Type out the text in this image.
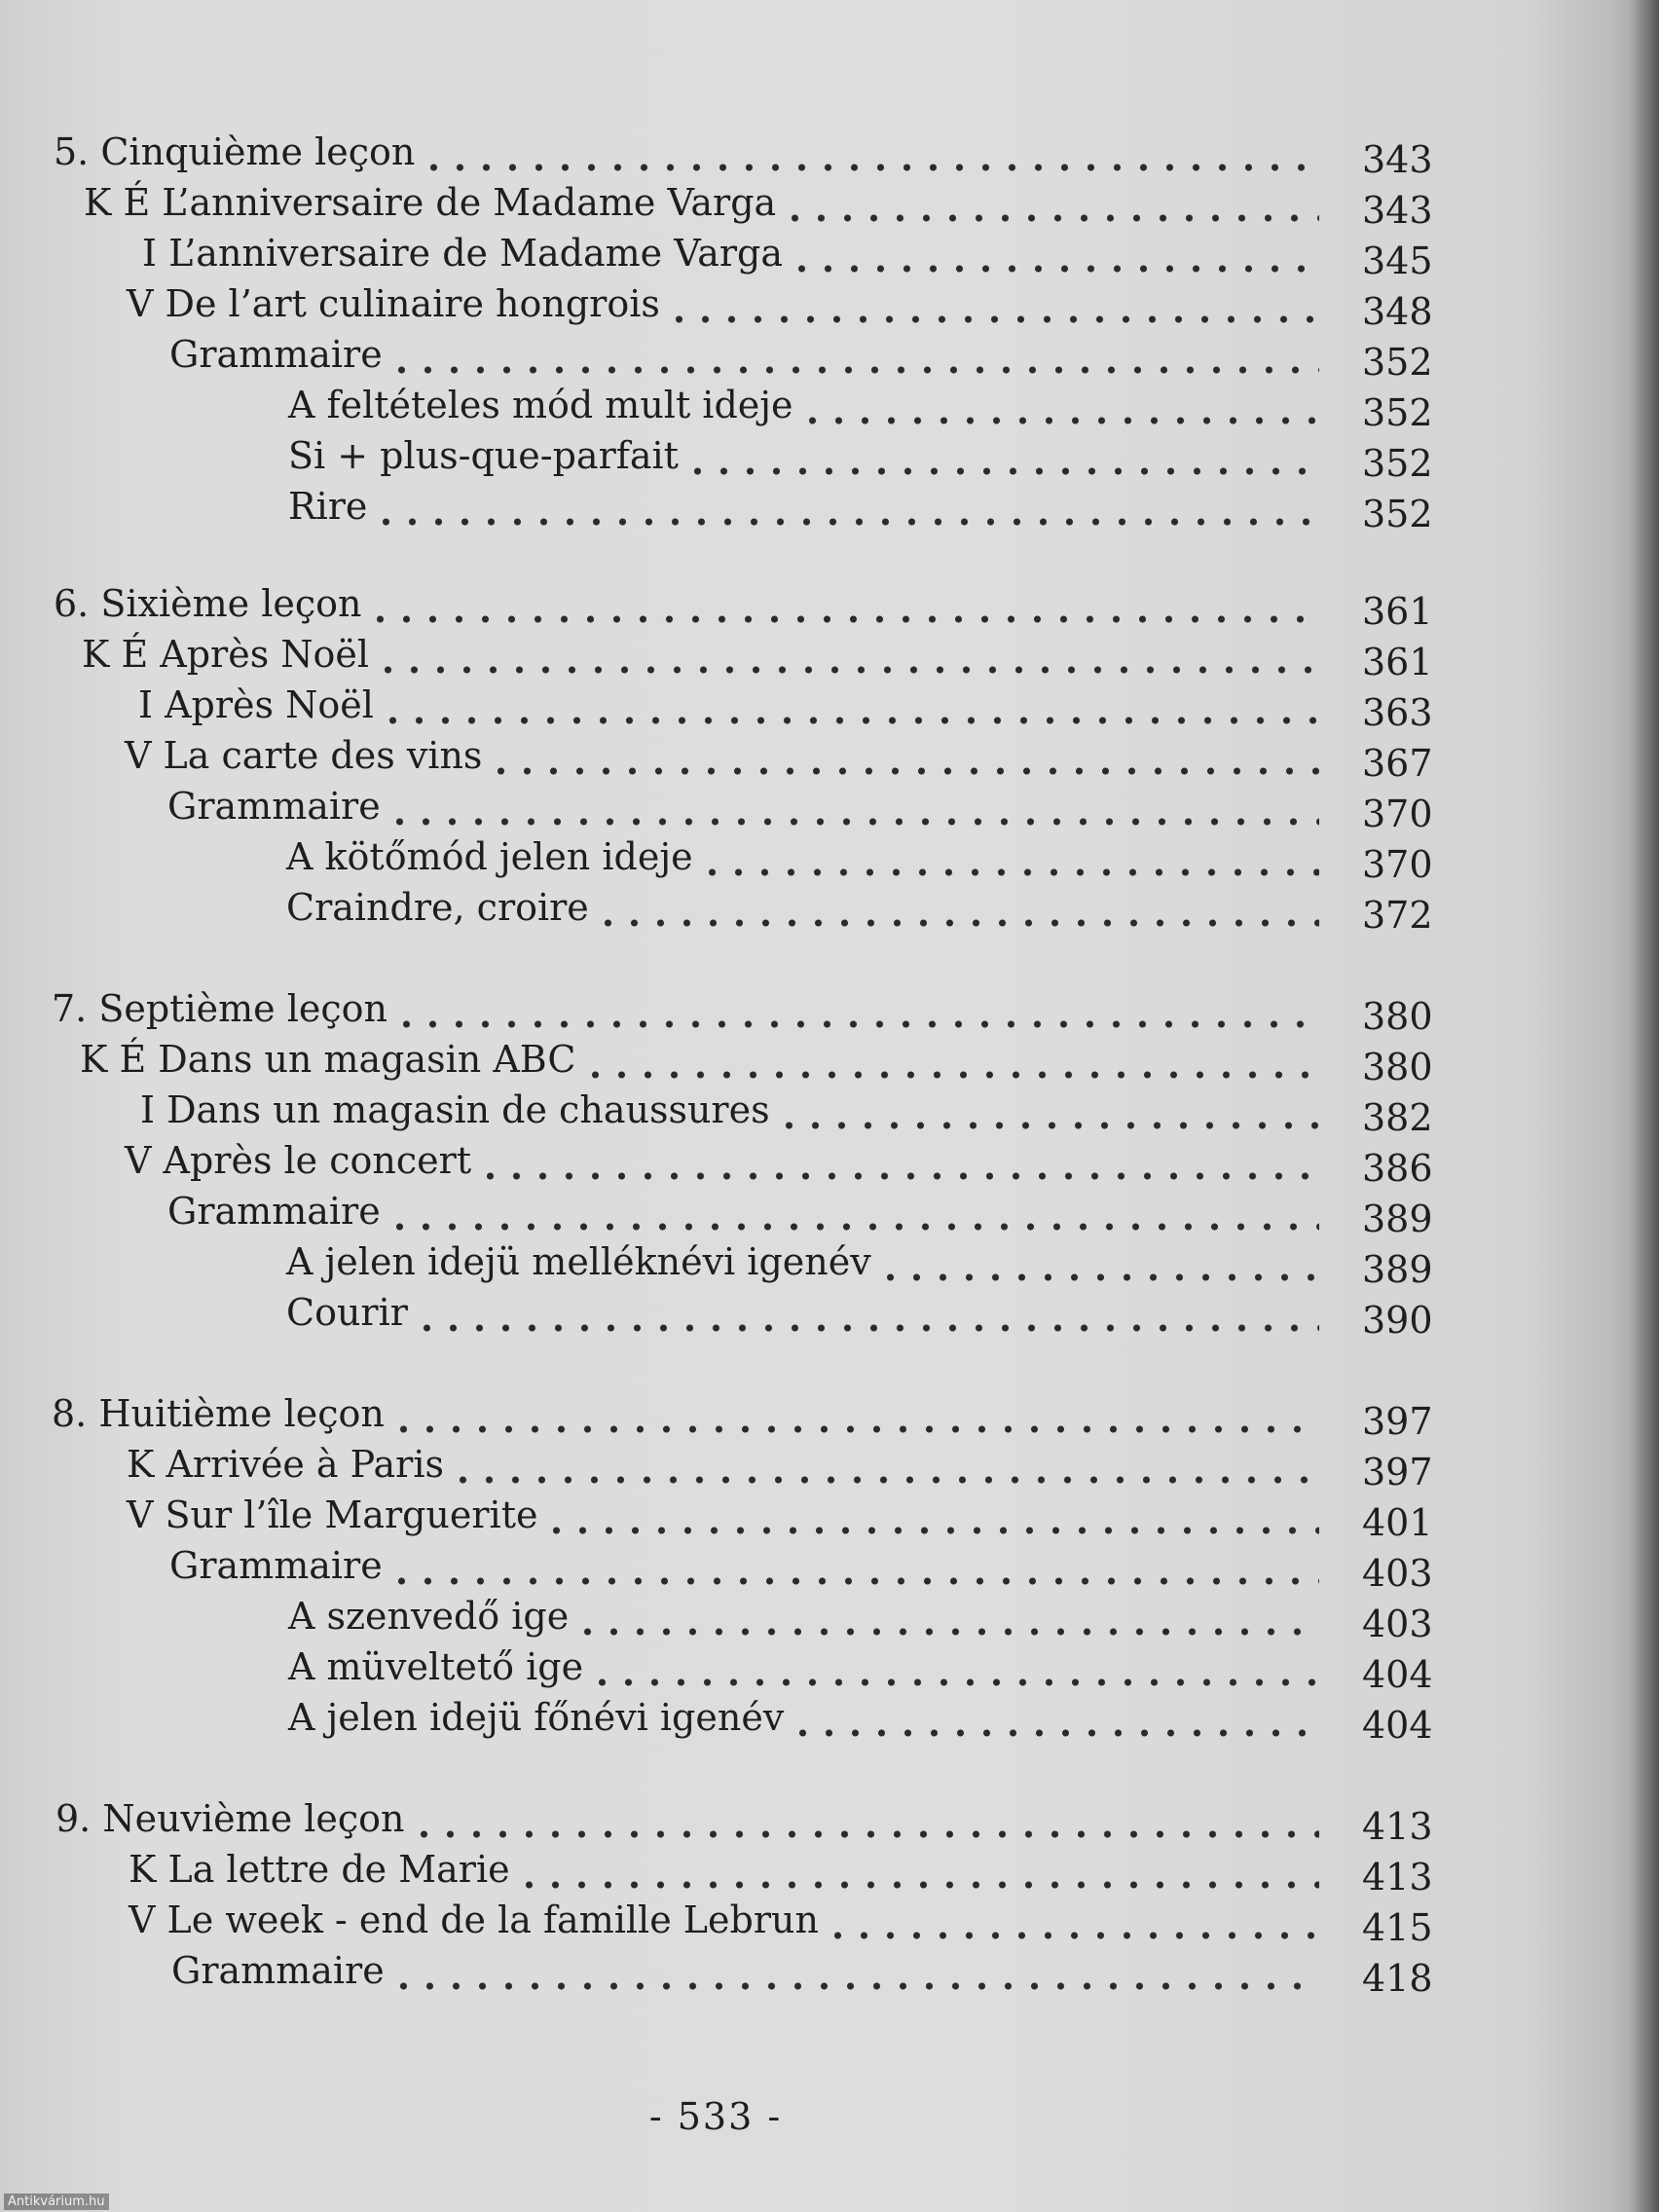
5. Cinquième leçon	343
K É L’anniversaire de Madame Varga	343
I L’anniversaire de Madame Varga	345
V De l’art culinaire hongrois	348
Grammaire	352
A feltételes mód mult ideje	352
Si + plus-que-parfait	352
Rire	352
6. Sixième leçon	361
K É Après Noël	361
I Après Noël	363
V La carte des vins	367
Grammaire	370
A kötőmód jelen ideje	370
Craindre, croire	372
7. Septième leçon	380
K É Dans un magasin ABC	380
I Dans un magasin de chaussures	382
V Après le concert	386
Grammaire	389
A jelen idejü melléknévi igenév	389
Courir	390
8. Huitième leçon	397
K Arrivée à Paris	397
V Sur l’île Marguerite	401
Grammaire	403
A szenvedő ige	403
A müveltető ige	404
A jelen idejü főnévi igenév	404
9. Neuvième leçon	413
K La lettre de Marie	413
V Le week - end de la famille Lebrun	415
Grammaire	418
- 533 -
Antikvárium.hu
